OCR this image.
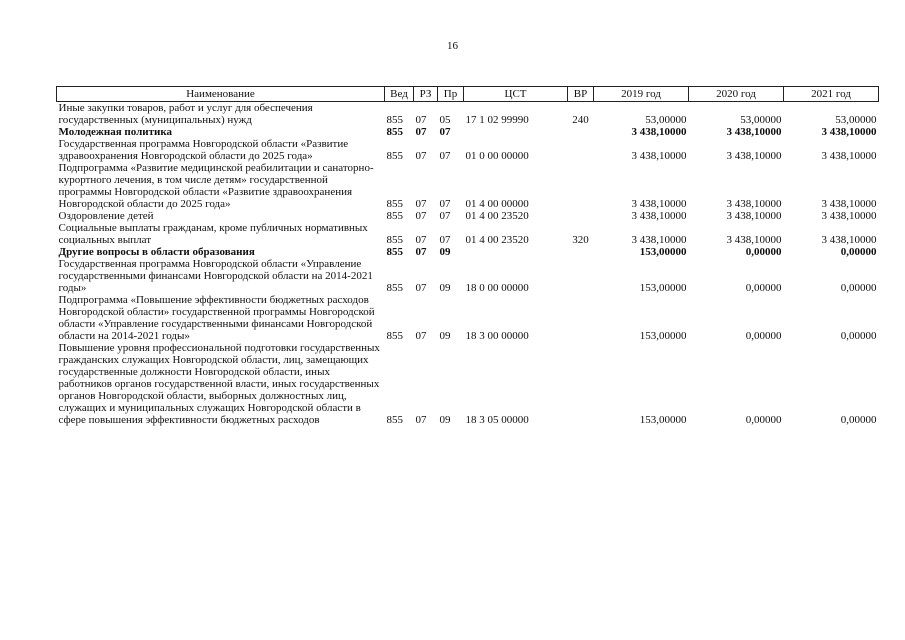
16
Наименование	Вед	РЗ	Пр	ЦСТ	ВР	2019 год	2020 год	2021 год
Иные закупки товаров, работ и услуг для обеспечения государственных (муниципальных) нужд	855	07	05	17 1 02 99990	240	53,00000	53,00000	53,00000
Молодежная политика	855	07	07			3 438,10000	3 438,10000	3 438,10000
Государственная программа Новгородской области «Развитие здравоохранения Новгородской области до 2025 года»	855	07	07	01 0 00 00000		3 438,10000	3 438,10000	3 438,10000
Подпрограмма «Развитие медицинской реабилитации и санаторно-курортного лечения, в том числе детям» государственной программы Новгородской области «Развитие здравоохранения Новгородской области до 2025 года»	855	07	07	01 4 00 00000		3 438,10000	3 438,10000	3 438,10000
Оздоровление детей	855	07	07	01 4 00 23520		3 438,10000	3 438,10000	3 438,10000
Социальные выплаты гражданам, кроме публичных нормативных социальных выплат	855	07	07	01 4 00 23520	320	3 438,10000	3 438,10000	3 438,10000
Другие вопросы в области образования	855	07	09			153,00000	0,00000	0,00000
Государственная программа Новгородской области «Управление государственными финансами Новгородской области на 2014-2021 годы»	855	07	09	18 0 00 00000		153,00000	0,00000	0,00000
Подпрограмма «Повышение эффективности бюджетных расходов Новгородской области» государственной программы Новгородской области «Управление государственными финансами Новгородской области на 2014-2021 годы»	855	07	09	18 3 00 00000		153,00000	0,00000	0,00000
Повышение уровня профессиональной подготовки государственных гражданских служащих Новгородской области, лиц, замещающих государственные должности Новгородской области, иных работников органов государственной власти, иных государственных органов Новгородской области, выборных должностных лиц, служащих и муниципальных служащих Новгородской области в сфере повышения эффективности бюджетных расходов	855	07	09	18 3 05 00000		153,00000	0,00000	0,00000
